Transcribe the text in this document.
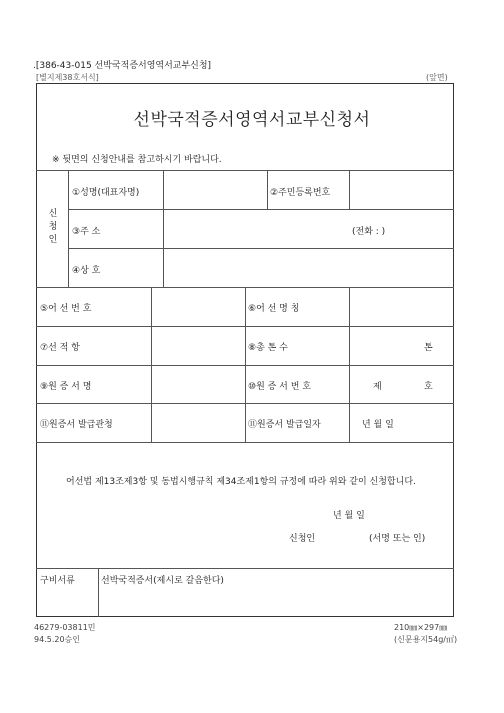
.[386-43-015 선박국적증서영역서교부신청]
[별지제38호서식]	(앞면)
선박국적증서영역서교부신청서
※ 뒷면의 신청안내를 참고하시기 바랍니다.
신
청
인
①성명(대표자명)	②주민등록번호
③주 소	(전화 : )
④상 호
⑤어 선 번 호	⑥어 선 명 칭
⑦선 적 항	⑧총 톤 수	톤
⑨원 증 서 명	⑩원 증 서 번 호	제	호
⑪원증서 발급관청	⑪원증서 발급일자	년 월 일
어선법 제13조제3항 및 동법시행규칙 제34조제1항의 규정에 따라 위와 같이 신청합니다.
년 월 일
신청인	(서명 또는 인)
구비서류	선박국적증서(제시로 갈음한다)
46279-03811민
94.5.20승인
210㎜×297㎜
(신문용지54g/㎡)
